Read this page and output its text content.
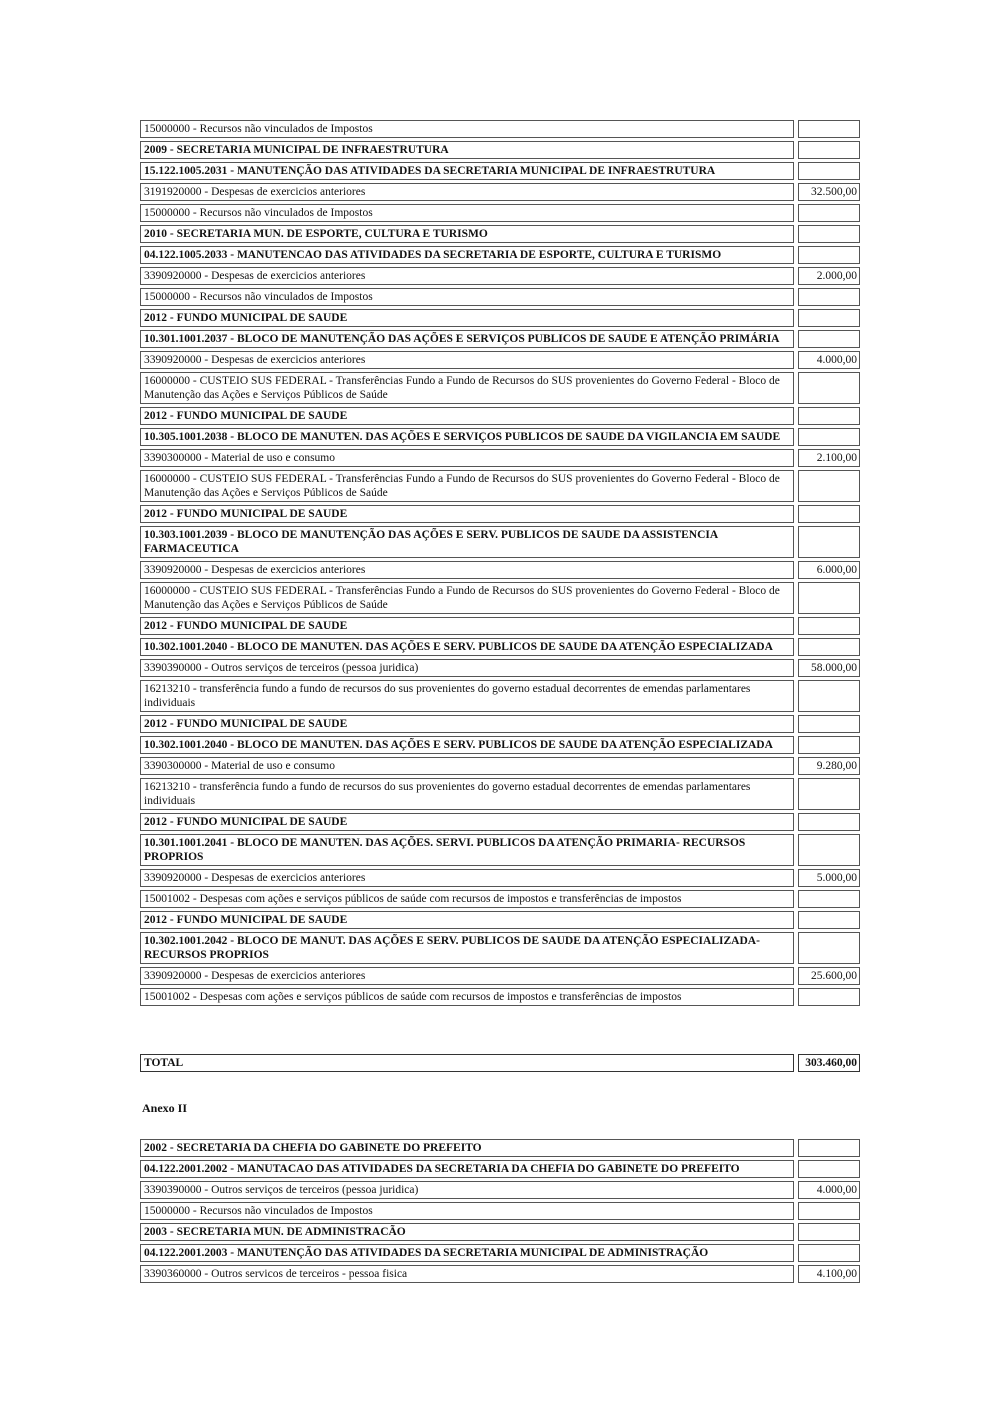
15000000 - Recursos não vinculados de Impostos
2009 - SECRETARIA MUNICIPAL DE INFRAESTRUTURA
15.122.1005.2031 - MANUTENÇÃO DAS ATIVIDADES DA SECRETARIA MUNICIPAL DE INFRAESTRUTURA
3191920000 - Despesas de exercicios anteriores	32.500,00
15000000 - Recursos não vinculados de Impostos
2010 - SECRETARIA MUN. DE ESPORTE, CULTURA E TURISMO
04.122.1005.2033 - MANUTENCAO DAS ATIVIDADES DA SECRETARIA DE ESPORTE, CULTURA E TURISMO
3390920000 - Despesas de exercicios anteriores	2.000,00
15000000 - Recursos não vinculados de Impostos
2012 - FUNDO MUNICIPAL DE SAUDE
10.301.1001.2037 - BLOCO DE MANUTENÇÃO DAS AÇÕES E SERVIÇOS PUBLICOS DE SAUDE E ATENÇÃO PRIMÁRIA
3390920000 - Despesas de exercicios anteriores	4.000,00
16000000 - CUSTEIO SUS FEDERAL - Transferências Fundo a Fundo de Recursos do SUS provenientes do Governo Federal - Bloco de Manutenção das Ações e Serviços Públicos de Saúde
2012 - FUNDO MUNICIPAL DE SAUDE
10.305.1001.2038 - BLOCO DE MANUTEN. DAS AÇÕES E SERVIÇOS PUBLICOS DE SAUDE DA VIGILANCIA EM SAUDE
3390300000 - Material de uso e consumo	2.100,00
16000000 - CUSTEIO SUS FEDERAL - Transferências Fundo a Fundo de Recursos do SUS provenientes do Governo Federal - Bloco de Manutenção das Ações e Serviços Públicos de Saúde
2012 - FUNDO MUNICIPAL DE SAUDE
10.303.1001.2039 - BLOCO DE MANUTENÇÃO DAS AÇÕES E SERV. PUBLICOS DE SAUDE DA ASSISTENCIA FARMACEUTICA
3390920000 - Despesas de exercicios anteriores	6.000,00
16000000 - CUSTEIO SUS FEDERAL - Transferências Fundo a Fundo de Recursos do SUS provenientes do Governo Federal - Bloco de Manutenção das Ações e Serviços Públicos de Saúde
2012 - FUNDO MUNICIPAL DE SAUDE
10.302.1001.2040 - BLOCO DE MANUTEN. DAS AÇÕES E SERV. PUBLICOS DE SAUDE DA ATENÇÃO ESPECIALIZADA
3390390000 - Outros serviços de terceiros (pessoa juridica)	58.000,00
16213210 - transferência fundo a fundo de recursos do sus provenientes do governo estadual decorrentes de emendas parlamentares individuais
2012 - FUNDO MUNICIPAL DE SAUDE
10.302.1001.2040 - BLOCO DE MANUTEN. DAS AÇÕES E SERV. PUBLICOS DE SAUDE DA ATENÇÃO ESPECIALIZADA
3390300000 - Material de uso e consumo	9.280,00
16213210 - transferência fundo a fundo de recursos do sus provenientes do governo estadual decorrentes de emendas parlamentares individuais
2012 - FUNDO MUNICIPAL DE SAUDE
10.301.1001.2041 - BLOCO DE MANUTEN. DAS AÇÕES. SERVI. PUBLICOS DA ATENÇÃO PRIMARIA- RECURSOS PROPRIOS
3390920000 - Despesas de exercicios anteriores	5.000,00
15001002 - Despesas com ações e serviços públicos de saúde com recursos de impostos e transferências de impostos
2012 - FUNDO MUNICIPAL DE SAUDE
10.302.1001.2042 - BLOCO DE MANUT. DAS AÇÕES E SERV. PUBLICOS DE SAUDE DA ATENÇÃO ESPECIALIZADA- RECURSOS PROPRIOS
3390920000 - Despesas de exercicios anteriores	25.600,00
15001002 - Despesas com ações e serviços públicos de saúde com recursos de impostos e transferências de impostos
TOTAL	303.460,00
Anexo II
2002 - SECRETARIA DA CHEFIA DO GABINETE DO PREFEITO
04.122.2001.2002 - MANUTACAO DAS ATIVIDADES DA SECRETARIA DA CHEFIA DO GABINETE DO PREFEITO
3390390000 - Outros serviços de terceiros (pessoa juridica)	4.000,00
15000000 - Recursos não vinculados de Impostos
2003 - SECRETARIA MUN. DE ADMINISTRACÃO
04.122.2001.2003 - MANUTENÇÃO DAS ATIVIDADES DA SECRETARIA MUNICIPAL DE ADMINISTRAÇÃO
3390360000 - Outros servicos de terceiros - pessoa fisica	4.100,00
